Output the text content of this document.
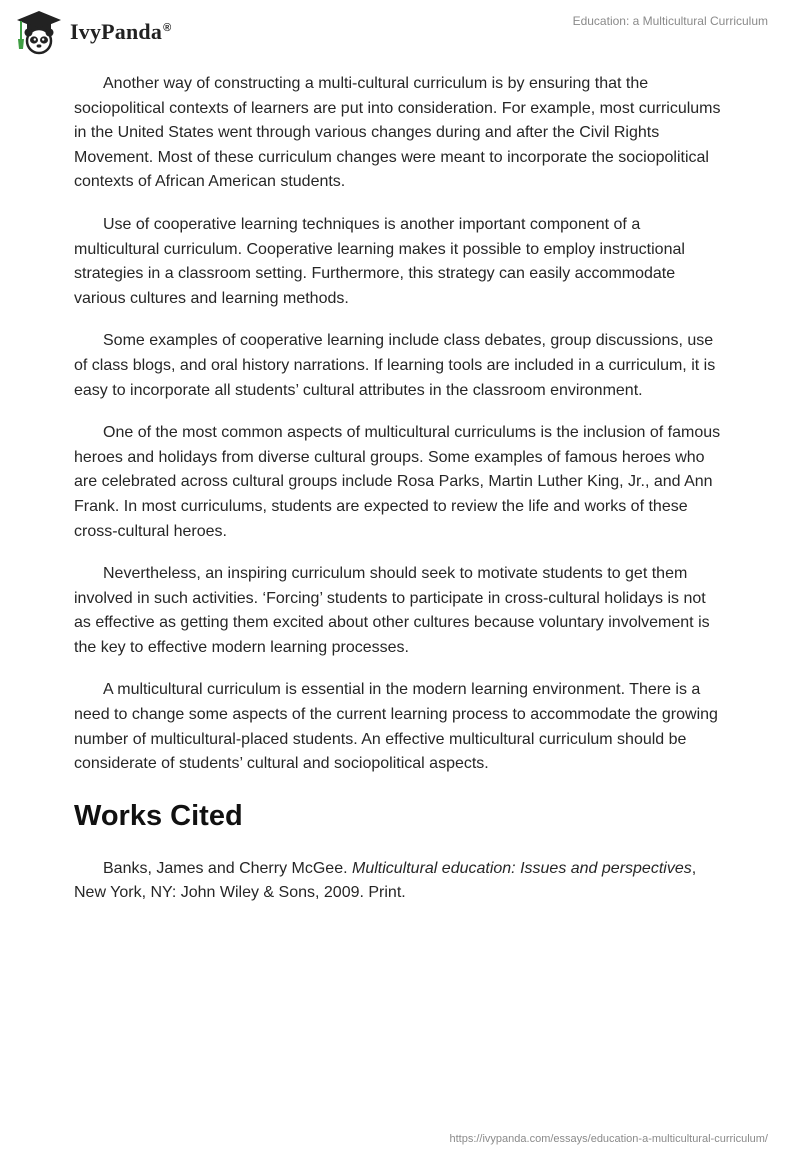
IvyPanda®	Education: a Multicultural Curriculum

Another way of constructing a multi-cultural curriculum is by ensuring that the sociopolitical contexts of learners are put into consideration. For example, most curriculums in the United States went through various changes during and after the Civil Rights Movement. Most of these curriculum changes were meant to incorporate the sociopolitical contexts of African American students.

Use of cooperative learning techniques is another important component of a multicultural curriculum. Cooperative learning makes it possible to employ instructional strategies in a classroom setting. Furthermore, this strategy can easily accommodate various cultures and learning methods.

Some examples of cooperative learning include class debates, group discussions, use of class blogs, and oral history narrations. If learning tools are included in a curriculum, it is easy to incorporate all students’ cultural attributes in the classroom environment.

One of the most common aspects of multicultural curriculums is the inclusion of famous heroes and holidays from diverse cultural groups. Some examples of famous heroes who are celebrated across cultural groups include Rosa Parks, Martin Luther King, Jr., and Ann Frank. In most curriculums, students are expected to review the life and works of these cross-cultural heroes.

Nevertheless, an inspiring curriculum should seek to motivate students to get them involved in such activities. ‘Forcing’ students to participate in cross-cultural holidays is not as effective as getting them excited about other cultures because voluntary involvement is the key to effective modern learning processes.

A multicultural curriculum is essential in the modern learning environment. There is a need to change some aspects of the current learning process to accommodate the growing number of multicultural-placed students. An effective multicultural curriculum should be considerate of students’ cultural and sociopolitical aspects.

Works Cited

Banks, James and Cherry McGee. Multicultural education: Issues and perspectives, New York, NY: John Wiley & Sons, 2009. Print.

https://ivypanda.com/essays/education-a-multicultural-curriculum/
